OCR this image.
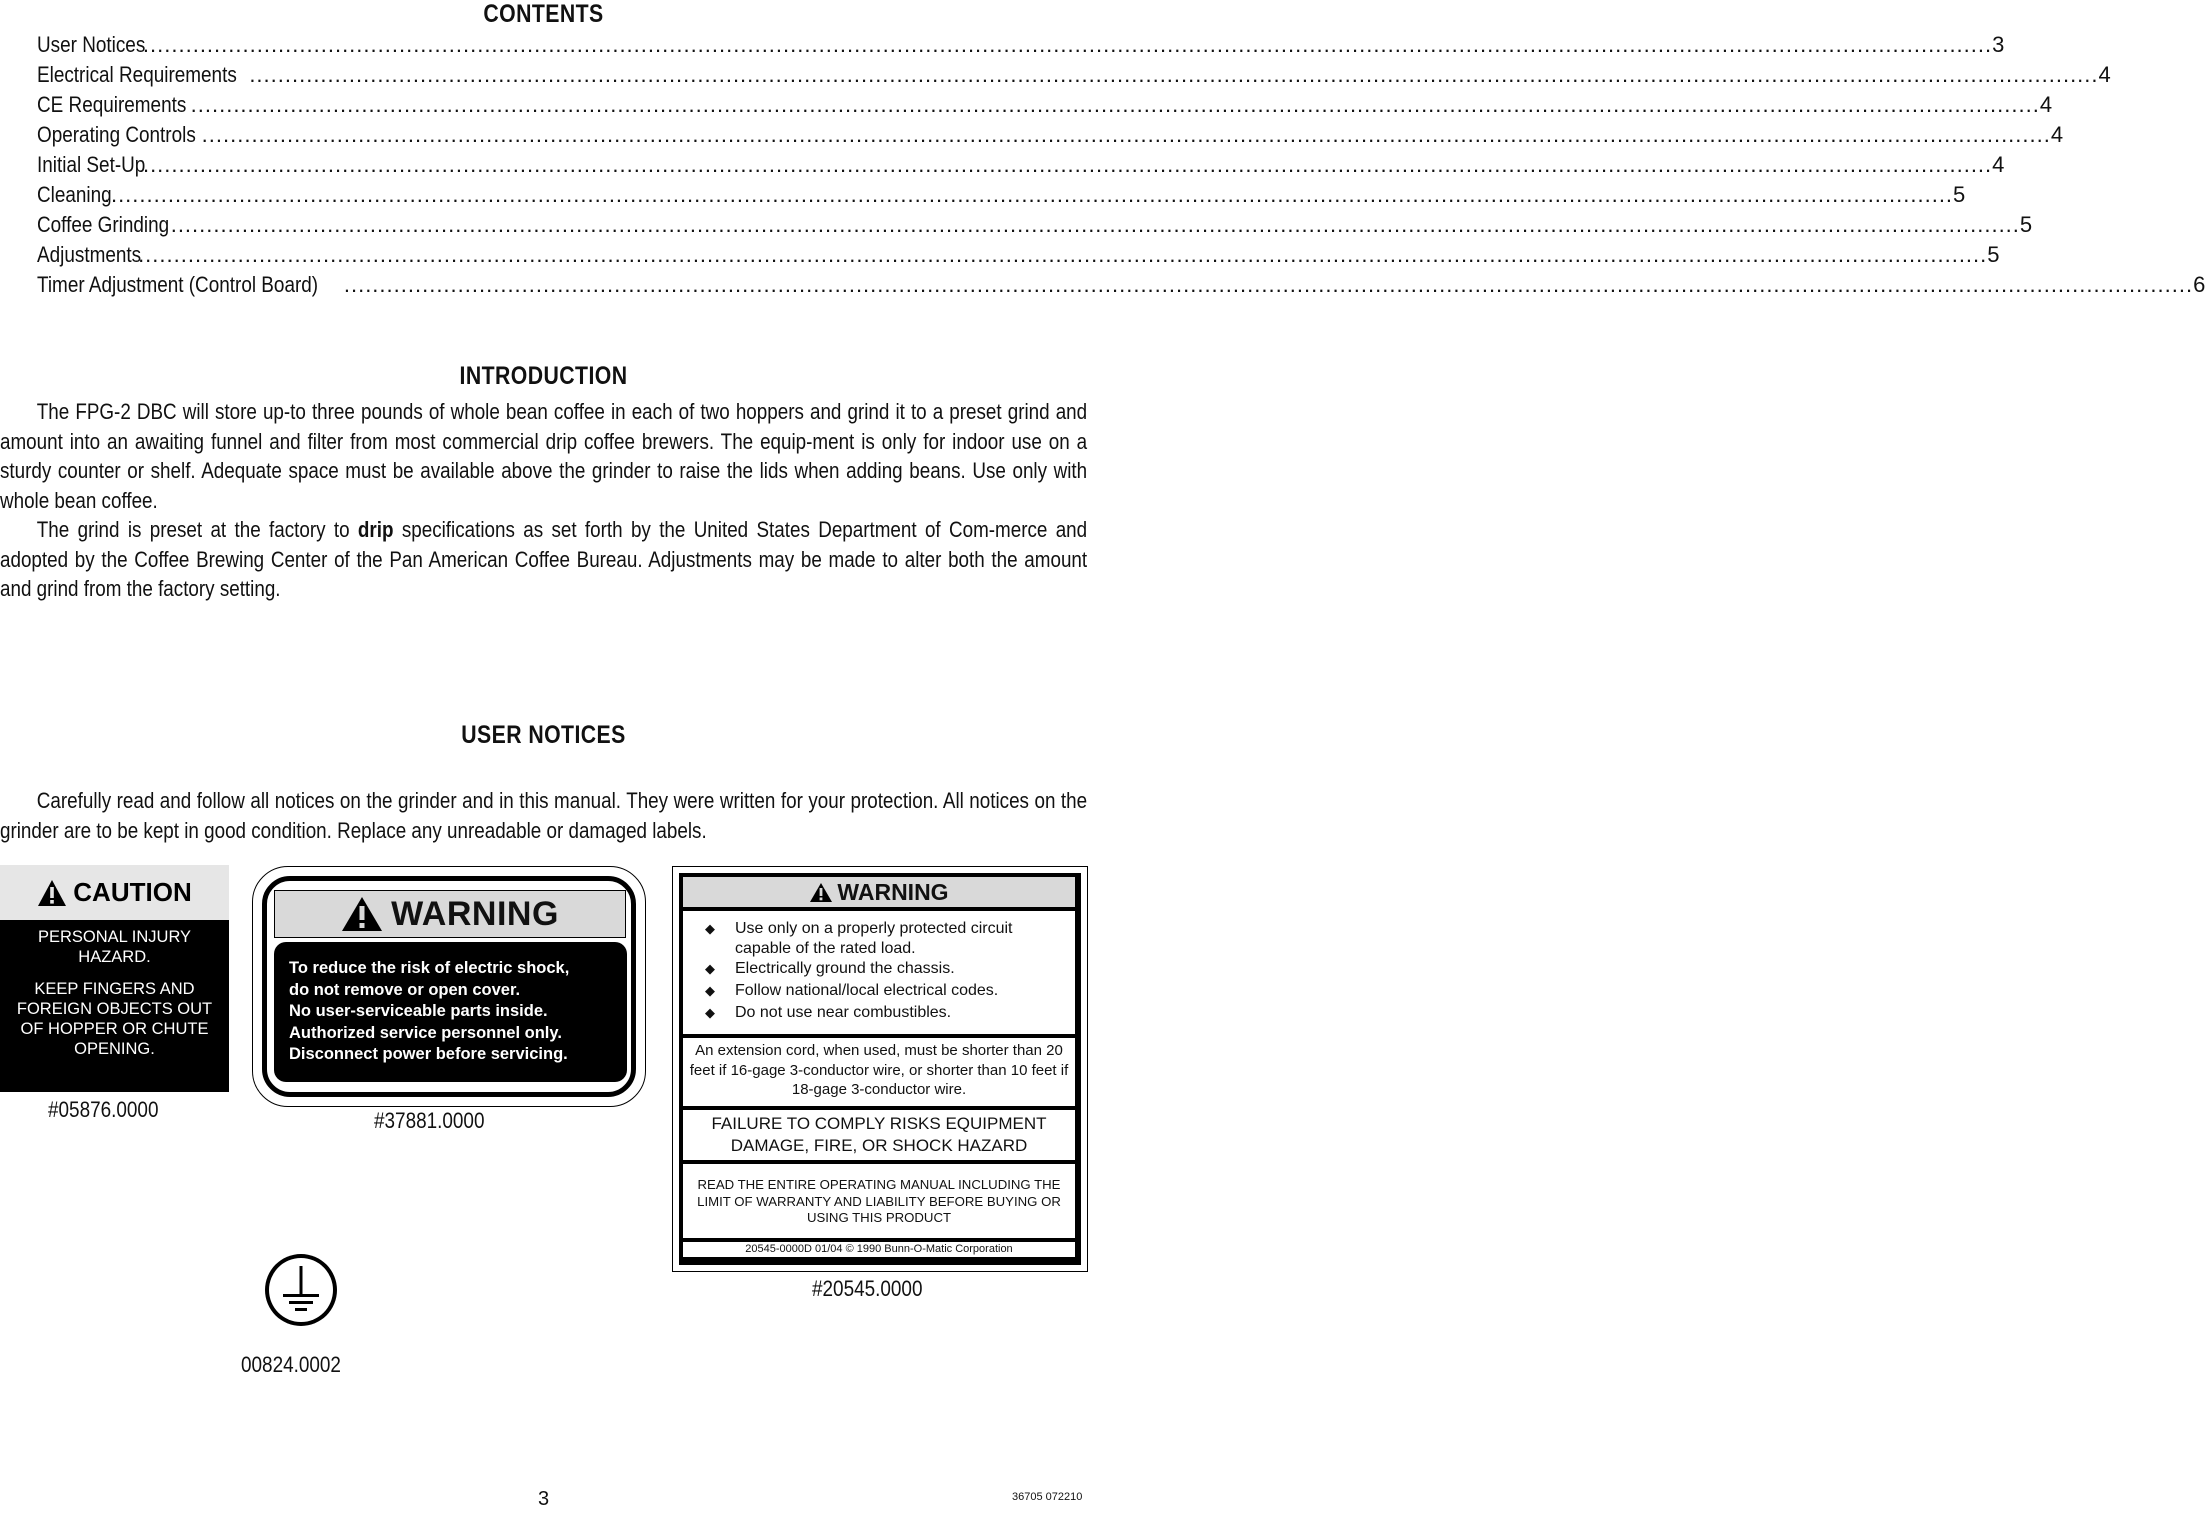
CONTENTS
User Notices
.................................................................................................................................................................................................................................................................... 3
Electrical Requirements .................................................................................................................................................................................................................................................................... 4
CE Requirements .................................................................................................................................................................................................................................................................... 4
Operating Controls .................................................................................................................................................................................................................................................................... 4
Initial Set-Up
.................................................................................................................................................................................................................................................................... 4
Cleaning
.................................................................................................................................................................................................................................................................... 5
Coffee Grinding .................................................................................................................................................................................................................................................................... 5
Adjustments
.................................................................................................................................................................................................................................................................... 5
Timer Adjustment (Control Board) .................................................................................................................................................................................................................................................................... 6
INTRODUCTION
The FPG-2 DBC will store up-to three pounds of whole bean coffee in each of two hoppers and grind it to a preset grind and amount into an awaiting funnel and filter from most commercial drip coffee brewers. The equip-ment is only for indoor use on a sturdy counter or shelf. Adequate space must be available above the grinder to raise the lids when adding beans. Use only with whole bean coffee.
The grind is preset at the factory to drip specifications as set forth by the United States Department of Com-merce and adopted by the Coffee Brewing Center of the Pan American Coffee Bureau. Adjustments may be made to alter both the amount and grind from the factory setting.
USER NOTICES
Carefully read and follow all notices on the grinder and in this manual. They were written for your protection. All notices on the grinder are to be kept in good condition. Replace any unreadable or damaged labels.
CAUTION

PERSONAL INJURY HAZARD.

KEEP FINGERS AND FOREIGN OBJECTS OUT OF HOPPER OR CHUTE OPENING.

#05876.0000
WARNING
To reduce the risk of electric shock,
do not remove or open cover.
No user-serviceable parts inside.
Authorized service personnel only.
Disconnect power before servicing.
#37881.0000
WARNING
◆ Use only on a properly protected circuit capable of the rated load.
◆ Electrically ground the chassis.
◆ Follow national/local electrical codes.
◆ Do not use near combustibles.
An extension cord, when used, must be shorter than 20 feet if 16-gage 3-conductor wire, or shorter than 10 feet if 18-gage 3-conductor wire.
FAILURE TO COMPLY RISKS EQUIPMENT DAMAGE, FIRE, OR SHOCK HAZARD
READ THE ENTIRE OPERATING MANUAL INCLUDING THE LIMIT OF WARRANTY AND LIABILITY BEFORE BUYING OR USING THIS PRODUCT
20545-0000D 01/04 © 1990 Bunn-O-Matic Corporation
#20545.0000
00824.0002
3	36705 072210
